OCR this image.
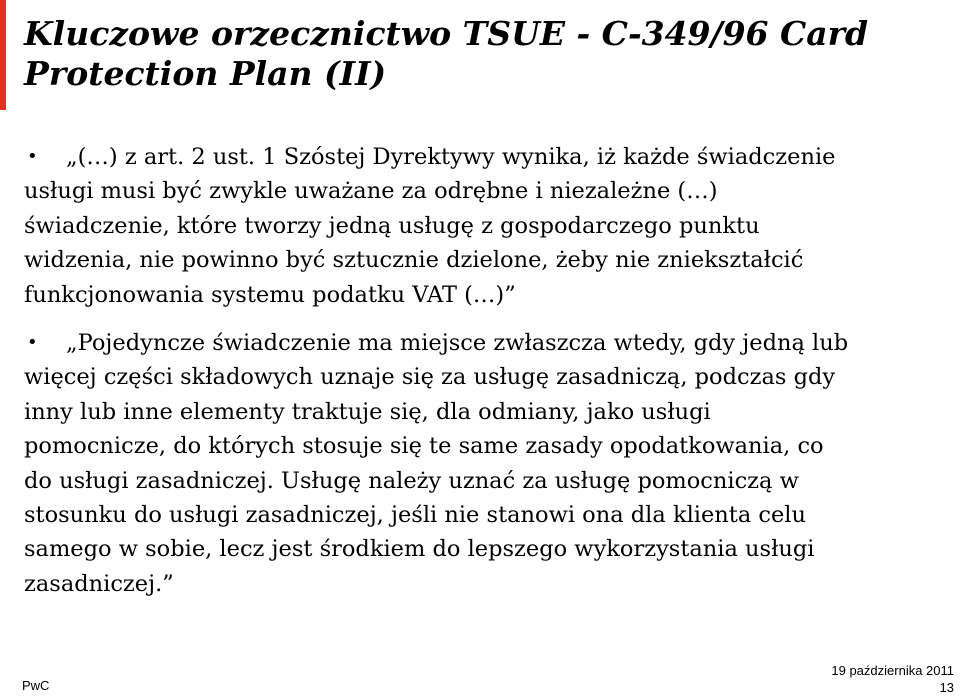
Kluczowe orzecznictwo TSUE - C-349/96 Card
Protection Plan (II)
•	„(…) z art. 2 ust. 1 Szóstej Dyrektywy wynika, iż każde świadczenie
usługi musi być zwykle uważane za odrębne i niezależne (…)
świadczenie, które tworzy jedną usługę z gospodarczego punktu
widzenia, nie powinno być sztucznie dzielone, żeby nie zniekształcić
funkcjonowania systemu podatku VAT (…)”
•	„Pojedyncze świadczenie ma miejsce zwłaszcza wtedy, gdy jedną lub
więcej części składowych uznaje się za usługę zasadniczą, podczas gdy
inny lub inne elementy traktuje się, dla odmiany, jako usługi
pomocnicze, do których stosuje się te same zasady opodatkowania, co
do usługi zasadniczej. Usługę należy uznać za usługę pomocniczą w
stosunku do usługi zasadniczej, jeśli nie stanowi ona dla klienta celu
samego w sobie, lecz jest środkiem do lepszego wykorzystania usługi
zasadniczej.”
PwC
19 października 2011
13
